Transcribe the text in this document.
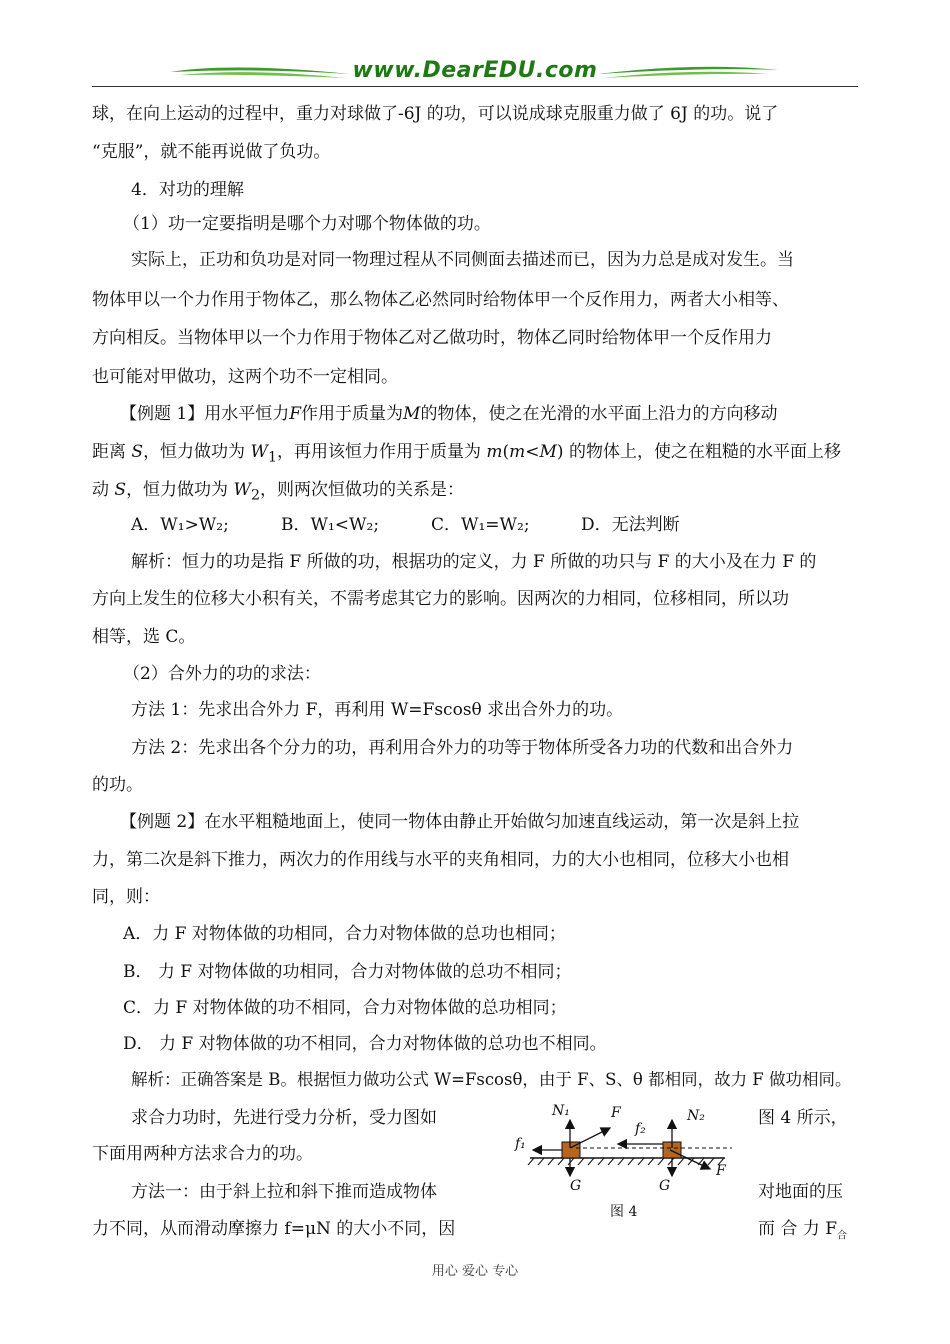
www.DearEDU.com
球，在向上运动的过程中，重力对球做了-6J 的功，可以说成球克服重力做了 6J 的功。说了
“克服”，就不能再说做了负功。
4．对功的理解
（1）功一定要指明是哪个力对哪个物体做的功。
实际上，正功和负功是对同一物理过程从不同侧面去描述而已，因为力总是成对发生。当
物体甲以一个力作用于物体乙，那么物体乙必然同时给物体甲一个反作用力，两者大小相等、
方向相反。当物体甲以一个力作用于物体乙对乙做功时，物体乙同时给物体甲一个反作用力
也可能对甲做功，这两个功不一定相同。
【例题 1】用水平恒力F作用于质量为M的物体，使之在光滑的水平面上沿力的方向移动
距离 S，恒力做功为 $W_1$，再用该恒力作用于质量为 m(m<M) 的物体上，使之在粗糙的水平面上移
动 S，恒力做功为 $W_2$，则两次恒做功的关系是：
A．W₁>W₂;	B．W₁<W₂;	C．W₁=W₂;	D．无法判断
解析：恒力的功是指 F 所做的功，根据功的定义，力 F 所做的功只与 F 的大小及在力 F 的
方向上发生的位移大小积有关，不需考虑其它力的影响。因两次的力相同，位移相同，所以功
相等，选 C。
（2）合外力的功的求法：
方法 1：先求出合外力 F，再利用 W=Fscosθ 求出合外力的功。
方法 2：先求出各个分力的功，再利用合外力的功等于物体所受各力功的代数和出合外力
的功。
【例题 2】在水平粗糙地面上，使同一物体由静止开始做匀加速直线运动，第一次是斜上拉
力，第二次是斜下推力，两次力的作用线与水平的夹角相同，力的大小也相同，位移大小也相
同，则：
A．力 F 对物体做的功相同，合力对物体做的总功也相同；
B． 力 F 对物体做的功相同，合力对物体做的总功不相同；
C．力 F 对物体做的功不相同，合力对物体做的总功相同；
D． 力 F 对物体做的功不相同，合力对物体做的总功也不相同。
解析：正确答案是 B。根据恒力做功公式 W=Fscosθ，由于 F、S、θ 都相同，故力 F 做功相同。
求合力功时，先进行受力分析，受力图如	图 4 所示，
下面用两种方法求合力的功。
方法一：由于斜上拉和斜下推而造成物体	对地面的压
力不同，从而滑动摩擦力 f=μN 的大小不同，因	而 合 力 $F_合$
N₁	F
f₂
N₂
f₁
G	G
F
图 4
用心 爱心 专心
